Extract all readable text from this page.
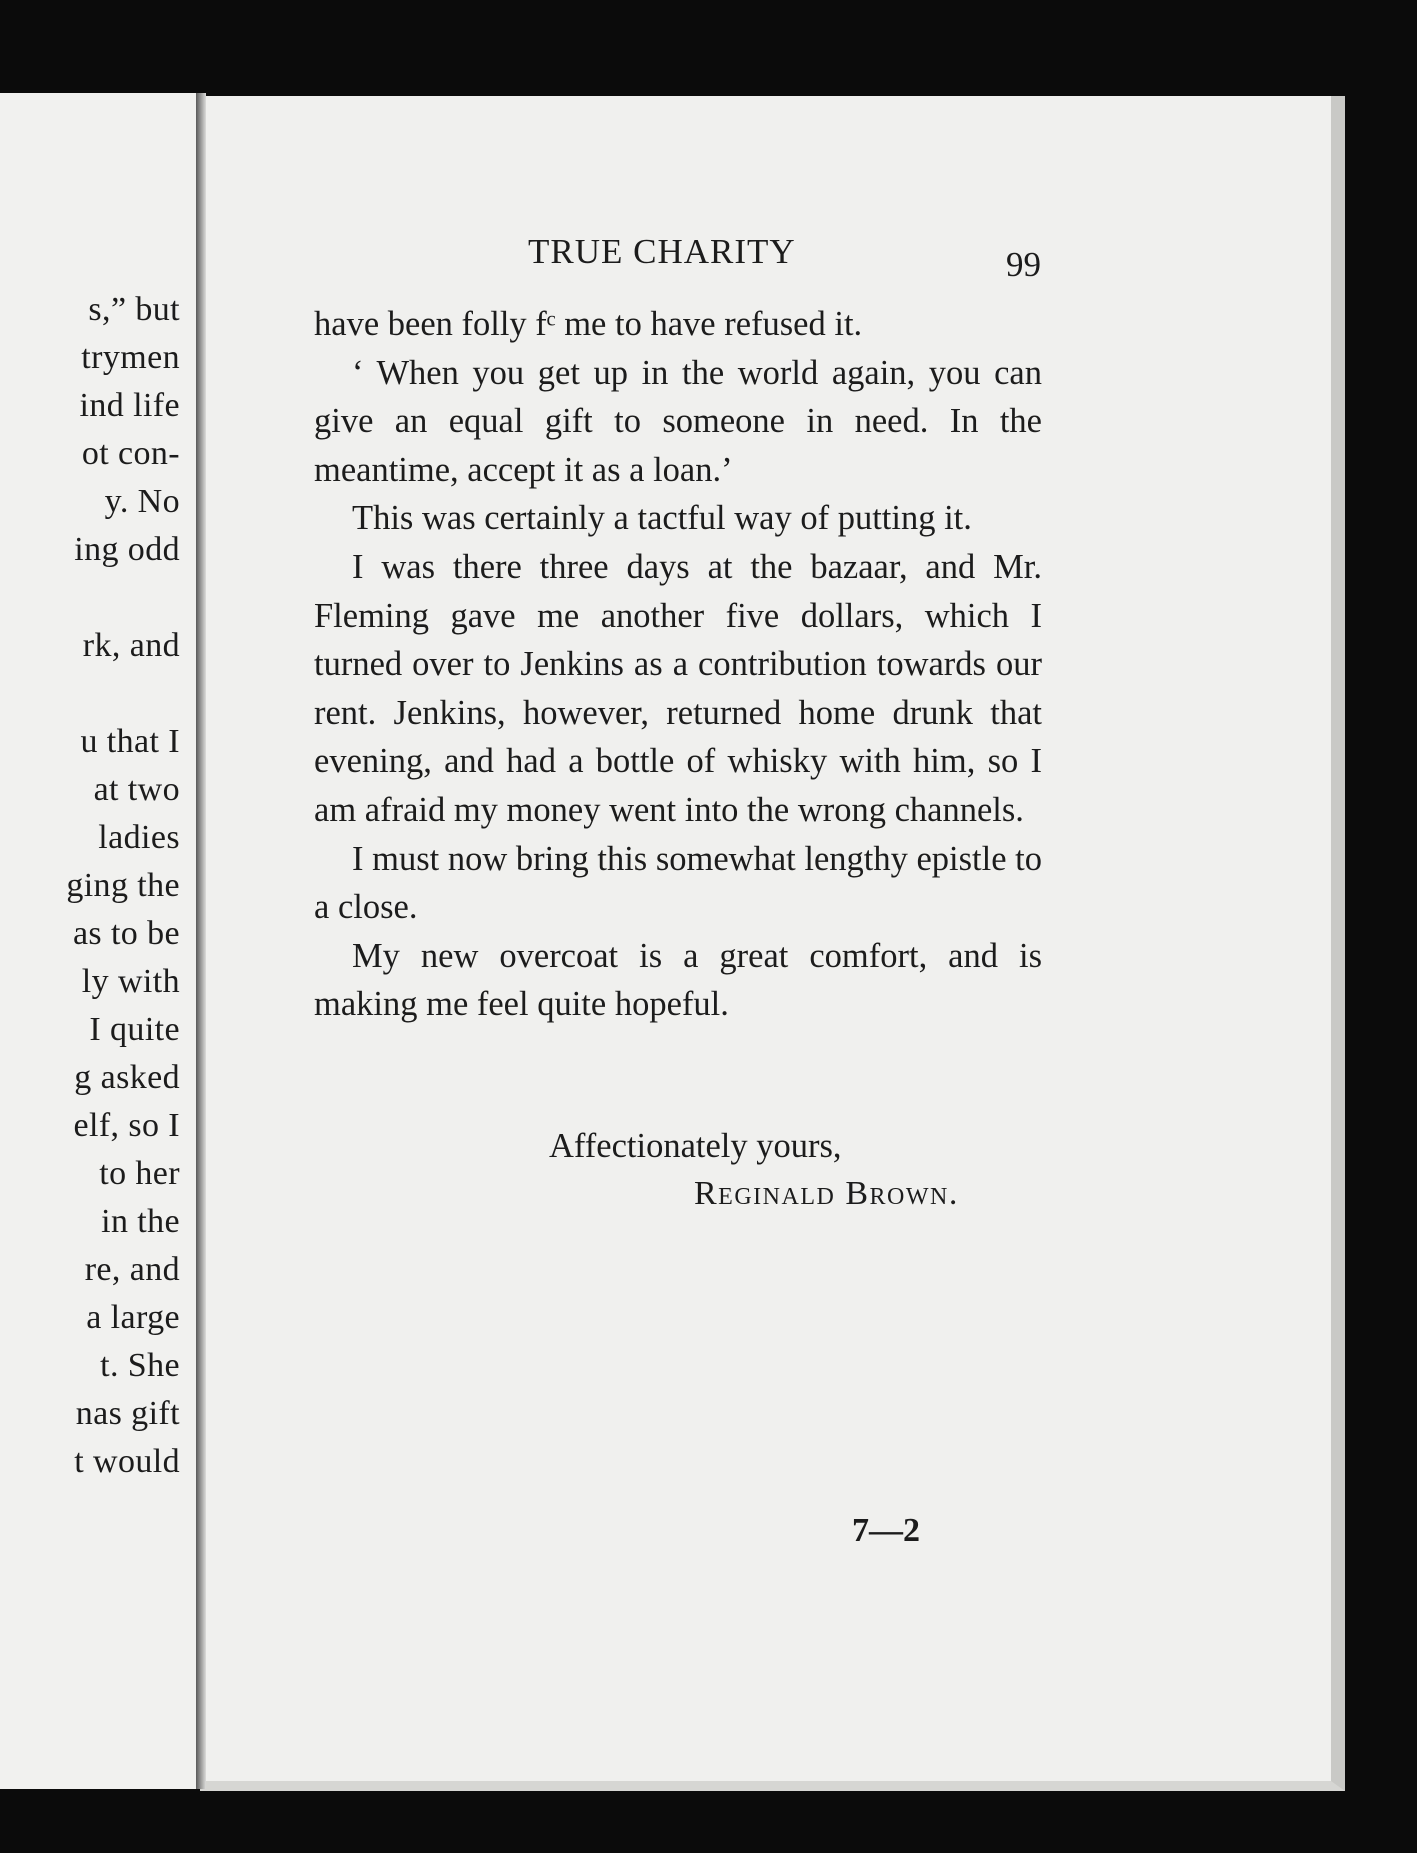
s,” but
trymen
ind life
ot con-
y. No
ing odd
rk, and
u that I
at two
ladies
ging the
as to be
ly with
I quite
g asked
elf, so I
to her
in the
re, and
a large
t. She
nas gift
t would
TRUE CHARITY	99

have been folly fᶜ me to have refused it.

‘ When you get up in the world again, you can give an equal gift to someone in need. In the meantime, accept it as a loan.’

This was certainly a tactful way of putting it.

I was there three days at the bazaar, and Mr. Fleming gave me another five dollars, which I turned over to Jenkins as a contribution towards our rent. Jenkins, however, returned home drunk that evening, and had a bottle of whisky with him, so I am afraid my money went into the wrong channels.

I must now bring this somewhat lengthy epistle to a close.

My new overcoat is a great comfort, and is making me feel quite hopeful.

Affectionately yours,
Reginald Brown.
7—2
